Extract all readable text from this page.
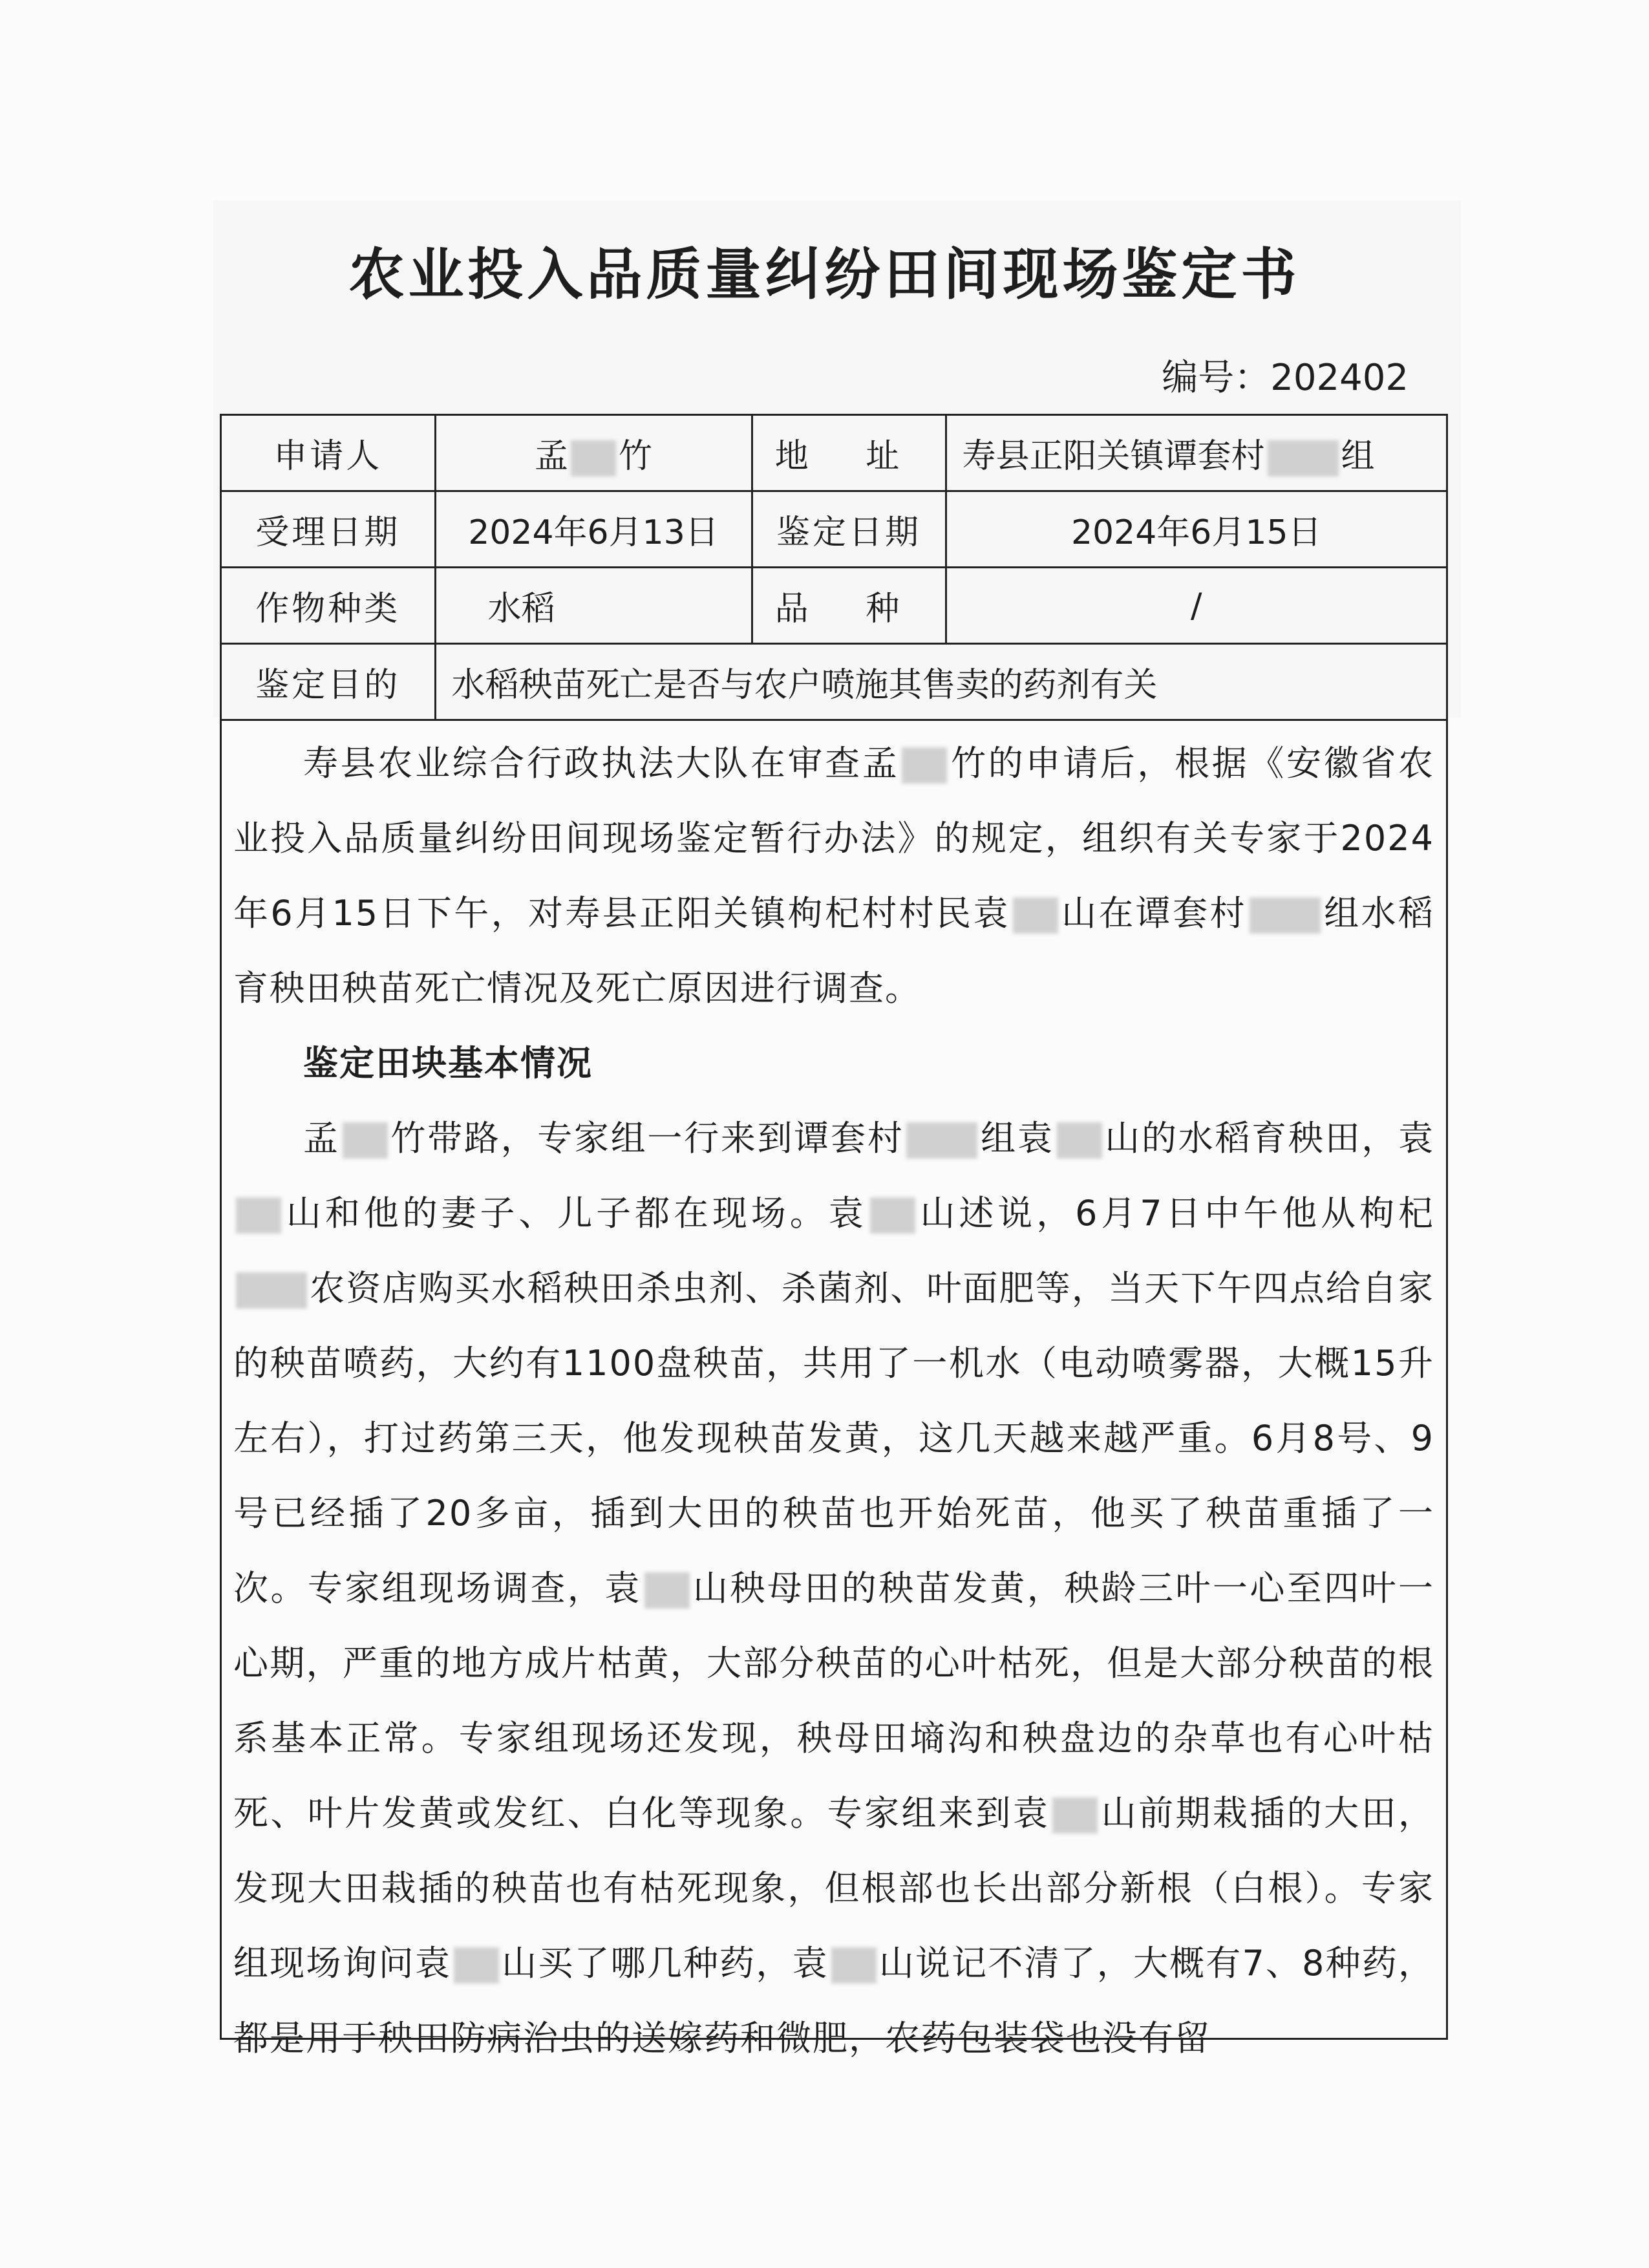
农业投入品质量纠纷田间现场鉴定书
编号：202402
申请人	孟 竹	地 址	寿县正阳关镇谭套村 组
受理日期	2024年6月13日	鉴定日期	2024年6月15日
作物种类	水稻	品 种	/
鉴定目的	水稻秧苗死亡是否与农户喷施其售卖的药剂有关		
寿县农业综合行政执法大队在审查孟 竹的申请后，根据《安徽省农业投入品质量纠纷田间现场鉴定暂行办法》的规定，组织有关专家于2024年6月15日下午，对寿县正阳关镇枸杞村村民袁 山在谭套村 组水稻育秧田秧苗死亡情况及死亡原因进行调查。
鉴定田块基本情况
孟 竹带路，专家组一行来到谭套村 组袁 山的水稻育秧田，袁山和他的妻子、儿子都在现场。袁 山述说，6月7日中午他从枸杞农资店购买水稻秧田杀虫剂、杀菌剂、叶面肥等，当天下午四点给自家的秧苗喷药，大约有1100盘秧苗，共用了一机水（电动喷雾器，大概15升左右），打过药第三天，他发现秧苗发黄，这几天越来越严重。6月8号、9号已经插了20多亩，插到大田的秧苗也开始死苗，他买了秧苗重插了一次。专家组现场调查，袁 山秧母田的秧苗发黄，秧龄三叶一心至四叶一心期，严重的地方成片枯黄，大部分秧苗的心叶枯死，但是大部分秧苗的根系基本正常。专家组现场还发现，秧母田墒沟和秧盘边的杂草也有心叶枯死、叶片发黄或发红、白化等现象。专家组来到袁 山前期栽插的大田，发现大田栽插的秧苗也有枯死现象，但根部也长出部分新根（白根）。专家组现场询问袁 山买了哪几种药，袁 山说记不清了，大概有7、8种药，都是用于秧田防病治虫的送嫁药和微肥，农药包装袋也没有留
